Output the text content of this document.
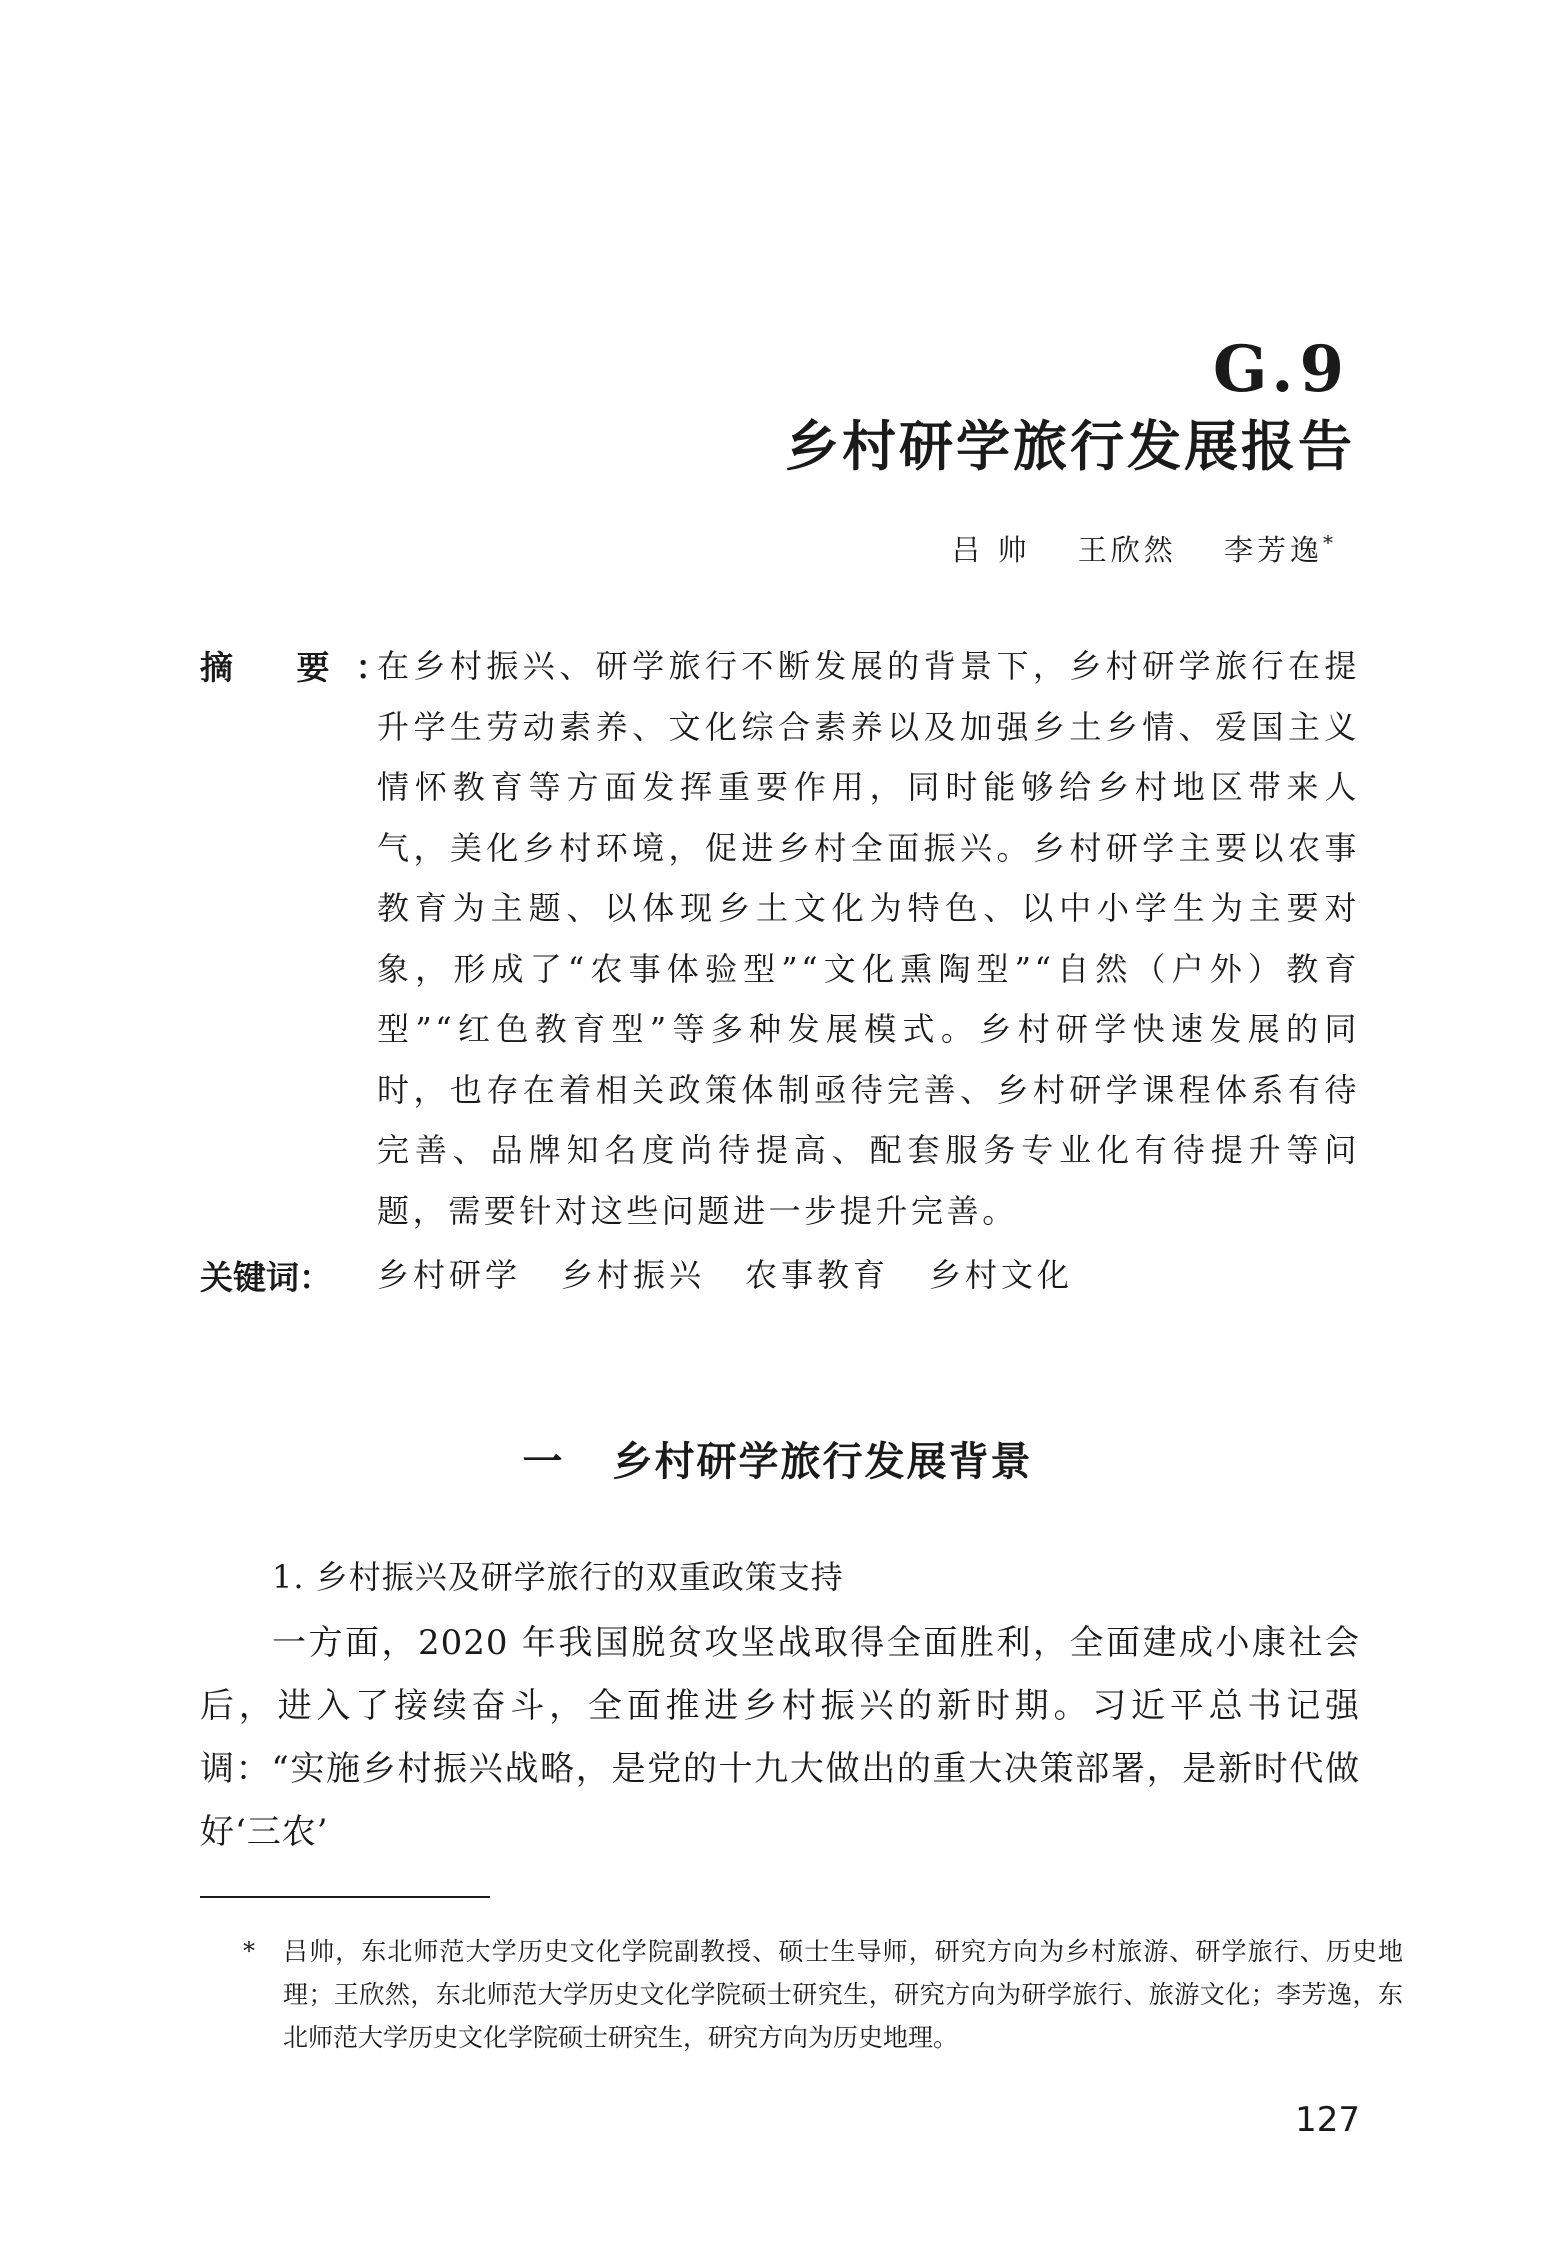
G.9
乡村研学旅行发展报告
吕 帅 王欣然 李芳逸*
摘 要：
在乡村振兴、研学旅行不断发展的背景下，乡村研学旅行在提升学生劳动素养、文化综合素养以及加强乡土乡情、爱国主义情怀教育等方面发挥重要作用，同时能够给乡村地区带来人气，美化乡村环境，促进乡村全面振兴。乡村研学主要以农事教育为主题、以体现乡土文化为特色、以中小学生为主要对象，形成了“农事体验型”“文化熏陶型”“自然（户外）教育型”“红色教育型”等多种发展模式。乡村研学快速发展的同时，也存在着相关政策体制亟待完善、乡村研学课程体系有待完善、品牌知名度尚待提高、配套服务专业化有待提升等问题，需要针对这些问题进一步提升完善。
关键词： 乡村研学 乡村振兴 农事教育 乡村文化
一 乡村研学旅行发展背景
1. 乡村振兴及研学旅行的双重政策支持
一方面，2020 年我国脱贫攻坚战取得全面胜利，全面建成小康社会后，进入了接续奋斗，全面推进乡村振兴的新时期。习近平总书记强调：“实施乡村振兴战略，是党的十九大做出的重大决策部署，是新时代做好‘三农’
* 吕帅，东北师范大学历史文化学院副教授、硕士生导师，研究方向为乡村旅游、研学旅行、历史地理；王欣然，东北师范大学历史文化学院硕士研究生，研究方向为研学旅行、旅游文化；李芳逸，东北师范大学历史文化学院硕士研究生，研究方向为历史地理。
127
